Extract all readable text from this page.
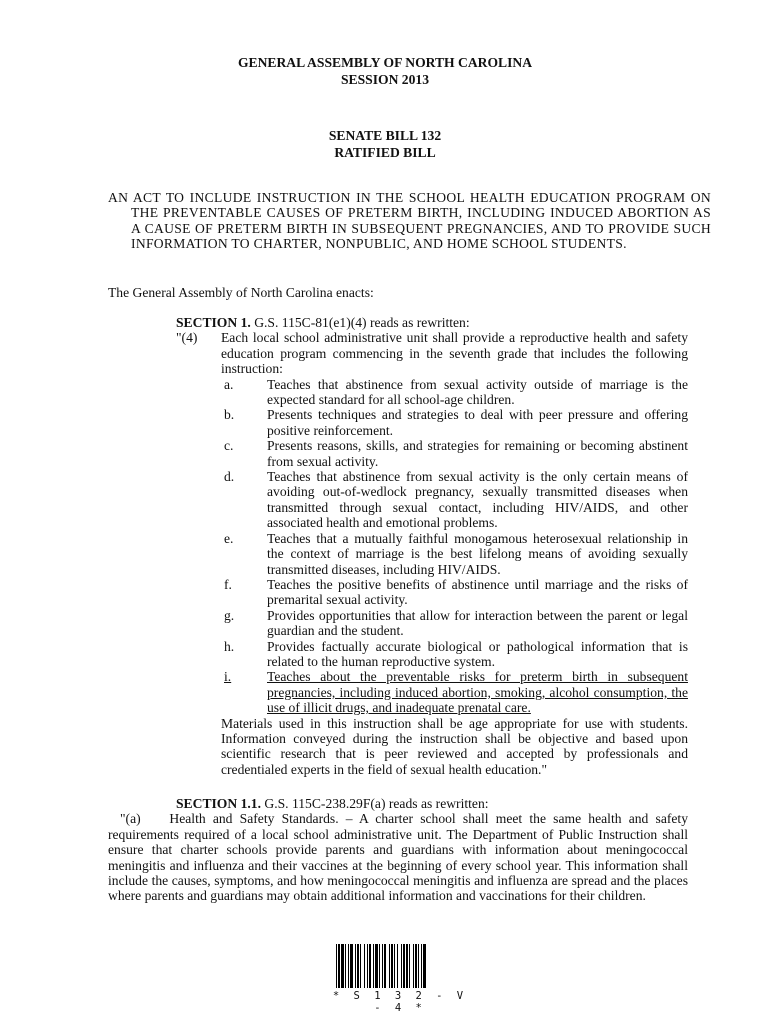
GENERAL ASSEMBLY OF NORTH CAROLINA
SESSION 2013
SENATE BILL 132
RATIFIED BILL
AN ACT TO INCLUDE INSTRUCTION IN THE SCHOOL HEALTH EDUCATION PROGRAM ON THE PREVENTABLE CAUSES OF PRETERM BIRTH, INCLUDING INDUCED ABORTION AS A CAUSE OF PRETERM BIRTH IN SUBSEQUENT PREGNANCIES, AND TO PROVIDE SUCH INFORMATION TO CHARTER, NONPUBLIC, AND HOME SCHOOL STUDENTS.
The General Assembly of North Carolina enacts:
SECTION 1. G.S. 115C-81(e1)(4) reads as rewritten:
"(4) Each local school administrative unit shall provide a reproductive health and safety education program commencing in the seventh grade that includes the following instruction:
a. Teaches that abstinence from sexual activity outside of marriage is the expected standard for all school-age children.
b. Presents techniques and strategies to deal with peer pressure and offering positive reinforcement.
c. Presents reasons, skills, and strategies for remaining or becoming abstinent from sexual activity.
d. Teaches that abstinence from sexual activity is the only certain means of avoiding out-of-wedlock pregnancy, sexually transmitted diseases when transmitted through sexual contact, including HIV/AIDS, and other associated health and emotional problems.
e. Teaches that a mutually faithful monogamous heterosexual relationship in the context of marriage is the best lifelong means of avoiding sexually transmitted diseases, including HIV/AIDS.
f.	Teaches the positive benefits of abstinence until marriage and the risks of premarital sexual activity.
g. Provides opportunities that allow for interaction between the parent or legal guardian and the student.
h. Provides factually accurate biological or pathological information that is related to the human reproductive system.
i.	Teaches about the preventable risks for preterm birth in subsequent pregnancies, including induced abortion, smoking, alcohol consumption, the use of illicit drugs, and inadequate prenatal care.
Materials used in this instruction shall be age appropriate for use with students. Information conveyed during the instruction shall be objective and based upon scientific research that is peer reviewed and accepted by professionals and credentialed experts in the field of sexual health education."
SECTION 1.1. G.S. 115C-238.29F(a) reads as rewritten:
"(a)    Health and Safety Standards. – A charter school shall meet the same health and safety requirements required of a local school administrative unit. The Department of Public Instruction shall ensure that charter schools provide parents and guardians with information about meningococcal meningitis and influenza and their vaccines at the beginning of every school year. This information shall include the causes, symptoms, and how meningococcal meningitis and influenza are spread and the places where parents and guardians may obtain additional information and vaccinations for their children.
* S 1 3 2 - V - 4 *
